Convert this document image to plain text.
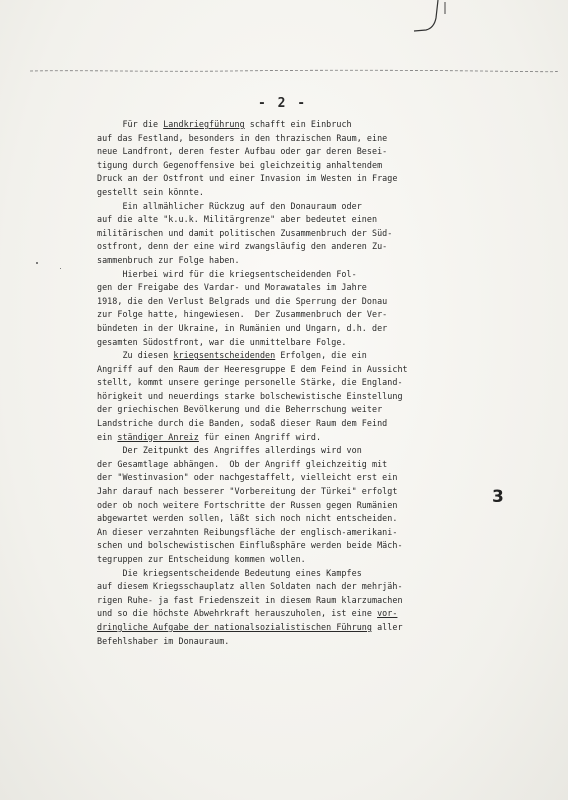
- 2 -
Für die Landkriegführung schafft ein Einbruch
auf das Festland, besonders in den thrazischen Raum, eine
neue Landfront, deren fester Aufbau oder gar deren Besei-
tigung durch Gegenoffensive bei gleichzeitig anhaltendem
Druck an der Ostfront und einer Invasion im Westen in Frage
gestellt sein könnte.
Ein allmählicher Rückzug auf den Donauraum oder
auf die alte "k.u.k. Militärgrenze" aber bedeutet einen
militärischen und damit politischen Zusammenbruch der Süd-
ostfront, denn der eine wird zwangsläufig den anderen Zu-
sammenbruch zur Folge haben.
Hierbei wird für die kriegsentscheidenden Fol-
gen der Freigabe des Vardar- und Morawatales im Jahre
1918, die den Verlust Belgrads und die Sperrung der Donau
zur Folge hatte, hingewiesen.  Der Zusammenbruch der Ver-
bündeten in der Ukraine, in Rumänien und Ungarn, d.h. der
gesamten Südostfront, war die unmittelbare Folge.
Zu diesen kriegsentscheidenden Erfolgen, die ein
Angriff auf den Raum der Heeresgruppe E dem Feind in Aussicht
stellt, kommt unsere geringe personelle Stärke, die England-
hörigkeit und neuerdings starke bolschewistische Einstellung
der griechischen Bevölkerung und die Beherrschung weiter
Landstriche durch die Banden, sodaß dieser Raum dem Feind
ein ständiger Anreiz für einen Angriff wird.
Der Zeitpunkt des Angriffes allerdings wird von
der Gesamtlage abhängen.  Ob der Angriff gleichzeitig mit
der "Westinvasion" oder nachgestaffelt, vielleicht erst ein
Jahr darauf nach besserer "Vorbereitung der Türkei" erfolgt
oder ob noch weitere Fortschritte der Russen gegen Rumänien
abgewartet werden sollen, läßt sich noch nicht entscheiden.
An dieser verzahnten Reibungsfläche der englisch-amerikani-
schen und bolschewistischen Einflußsphäre werden beide Mäch-
tegruppen zur Entscheidung kommen wollen.
Die kriegsentscheidende Bedeutung eines Kampfes
auf diesem Kriegsschauplatz allen Soldaten nach der mehrjäh-
rigen Ruhe- ja fast Friedenszeit in diesem Raum klarzumachen
und so die höchste Abwehrkraft herauszuholen, ist eine vor-
dringliche Aufgabe der nationalsozialistischen Führung aller
Befehlshaber im Donauraum.
3
